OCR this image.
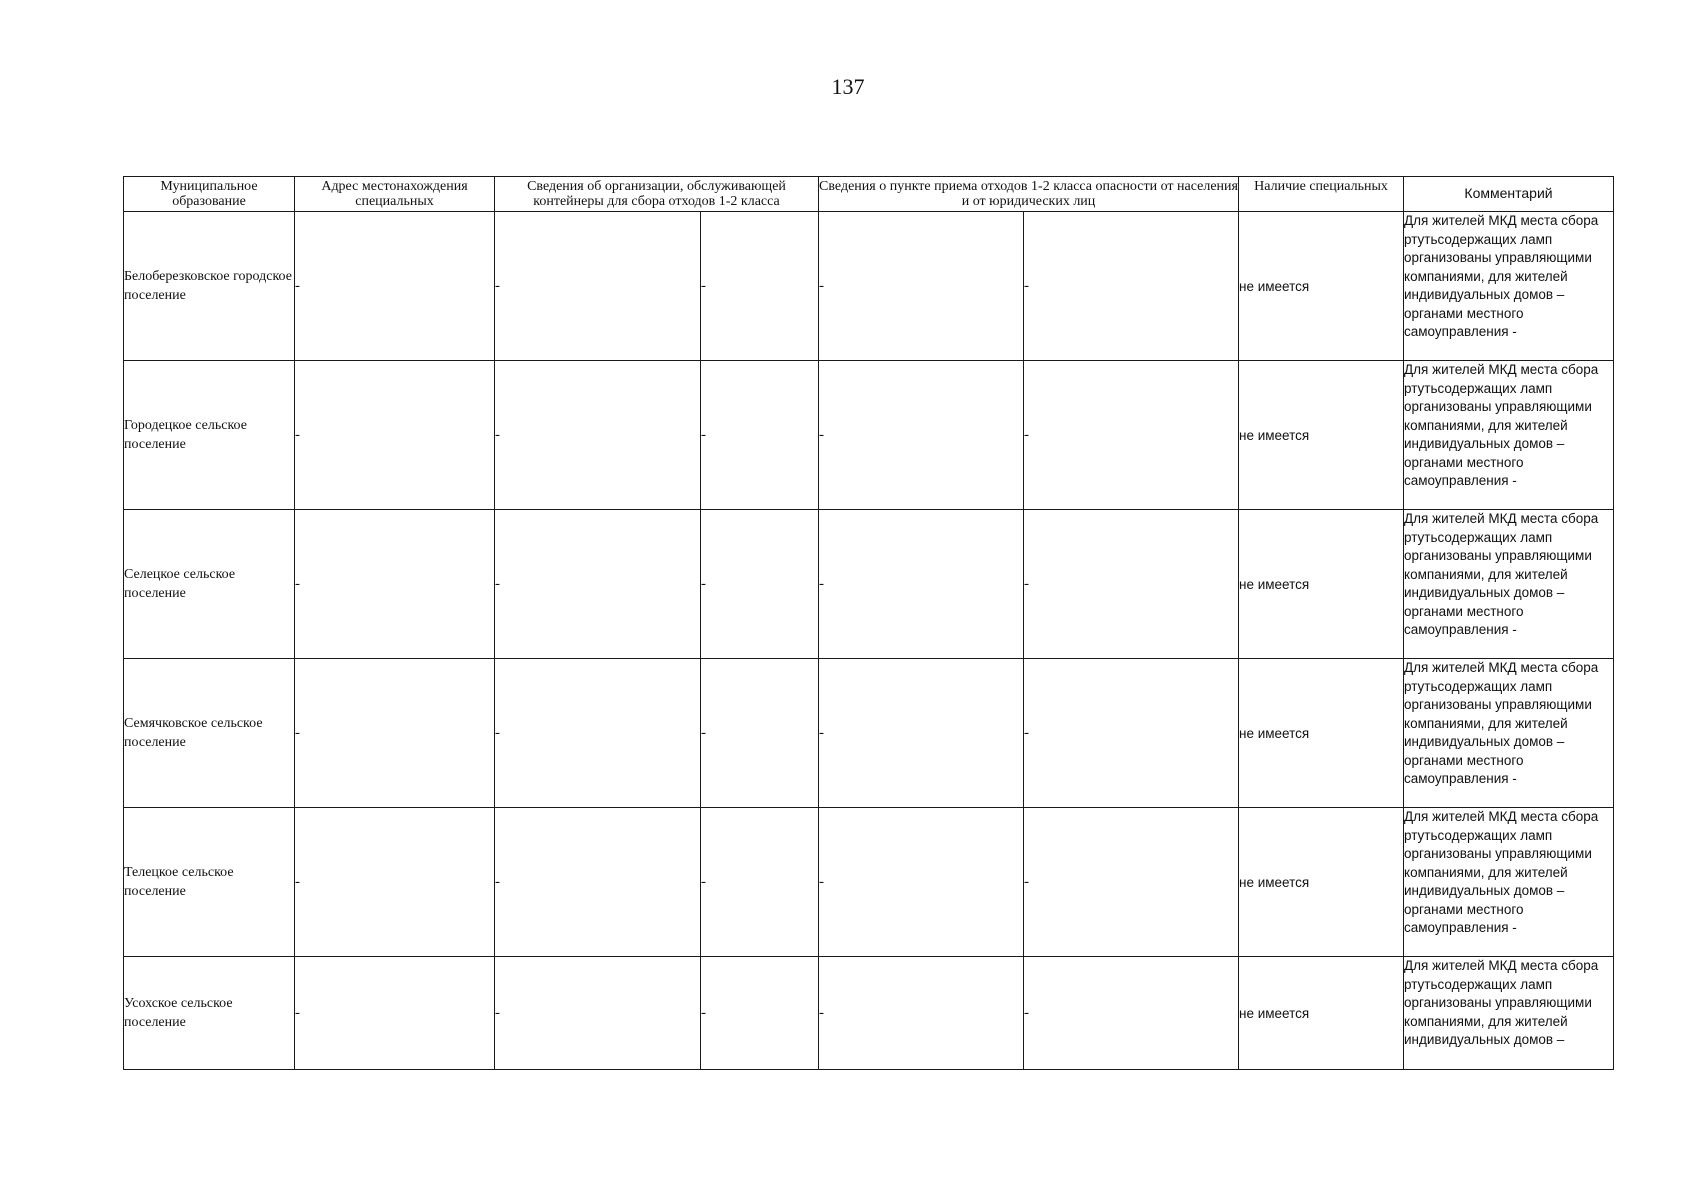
137
Муниципальное образование	Адрес местонахождения специальных	Сведения об организации, обслуживающей контейнеры для сбора отходов 1-2 класса		Сведения о пункте приема отходов 1-2 класса опасности от населения и от юридических лиц		Наличие специальных	Комментарий

Белоберезковское городское поселение	-	-	-	-	-	не имеется	Для жителей МКД места сбора ртутьсодержащих ламп организованы управляющими компаниями, для жителей индивидуальных домов – органами местного самоуправления -

Городецкое сельское поселение	-	-	-	-	-	не имеется	Для жителей МКД места сбора ртутьсодержащих ламп организованы управляющими компаниями, для жителей индивидуальных домов – органами местного самоуправления -

Селецкое сельское поселение	-	-	-	-	-	не имеется	Для жителей МКД места сбора ртутьсодержащих ламп организованы управляющими компаниями, для жителей индивидуальных домов – органами местного самоуправления -

Семячковское сельское поселение	-	-	-	-	-	не имеется	Для жителей МКД места сбора ртутьсодержащих ламп организованы управляющими компаниями, для жителей индивидуальных домов – органами местного самоуправления -

Телецкое сельское поселение	-	-	-	-	-	не имеется	Для жителей МКД места сбора ртутьсодержащих ламп организованы управляющими компаниями, для жителей индивидуальных домов – органами местного самоуправления -

Усохское сельское поселение	-	-	-	-	-	не имеется	Для жителей МКД места сбора ртутьсодержащих ламп организованы управляющими компаниями, для жителей индивидуальных домов –
